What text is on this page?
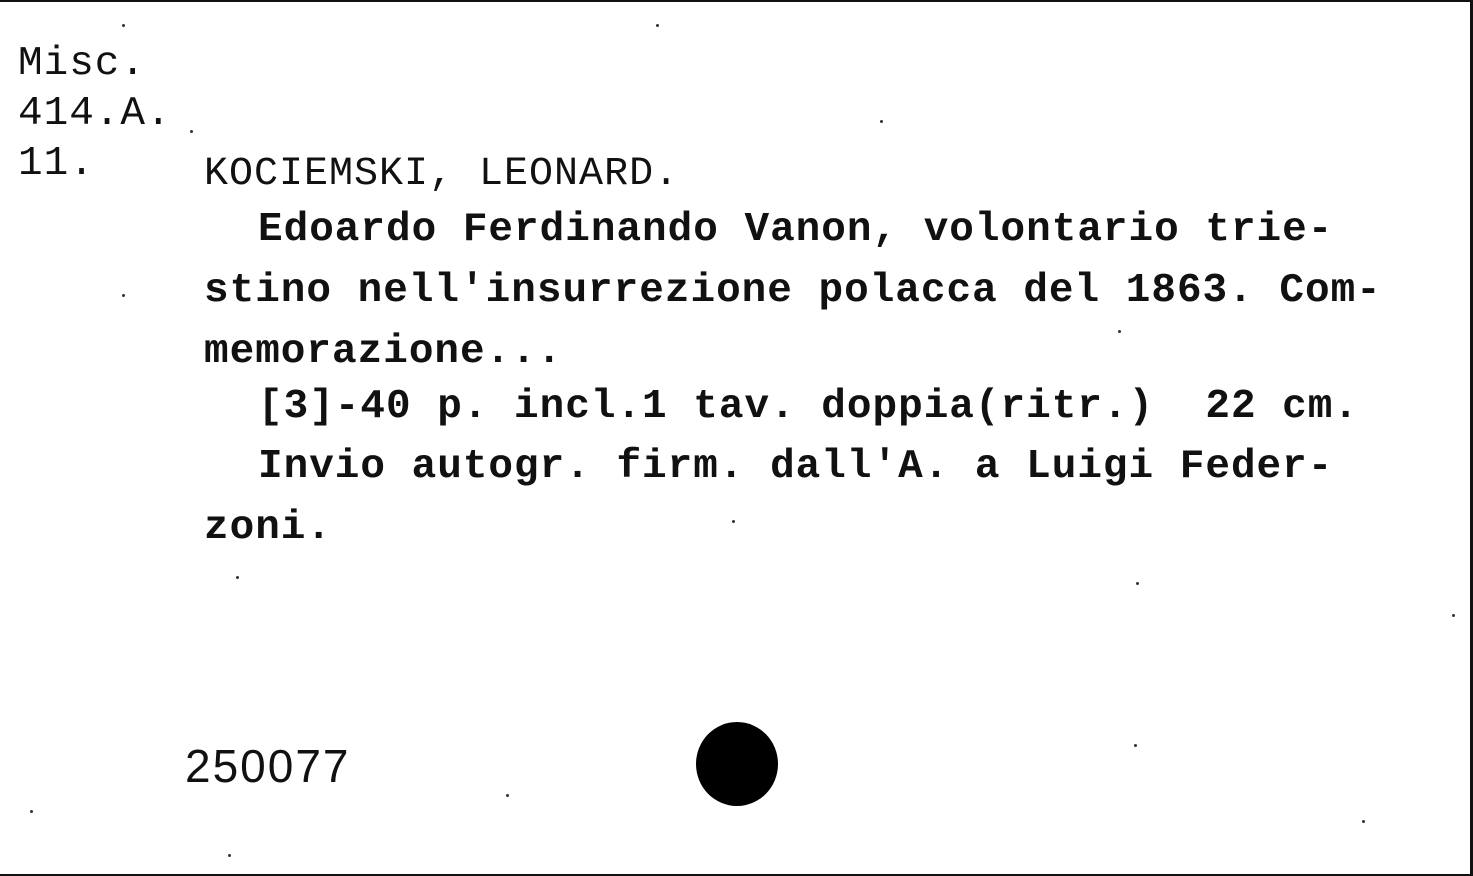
Misc.
414.A.
11.	KOCIEMSKI, LEONARD.
Edoardo Ferdinando Vanon, volontario trie-
stino nell'insurrezione polacca del 1863. Com-
memorazione...
[3]-40 p. incl.1 tav. doppia(ritr.)  22 cm.
Invio autogr. firm. dall'A. a Luigi Feder-
zoni.
250077
